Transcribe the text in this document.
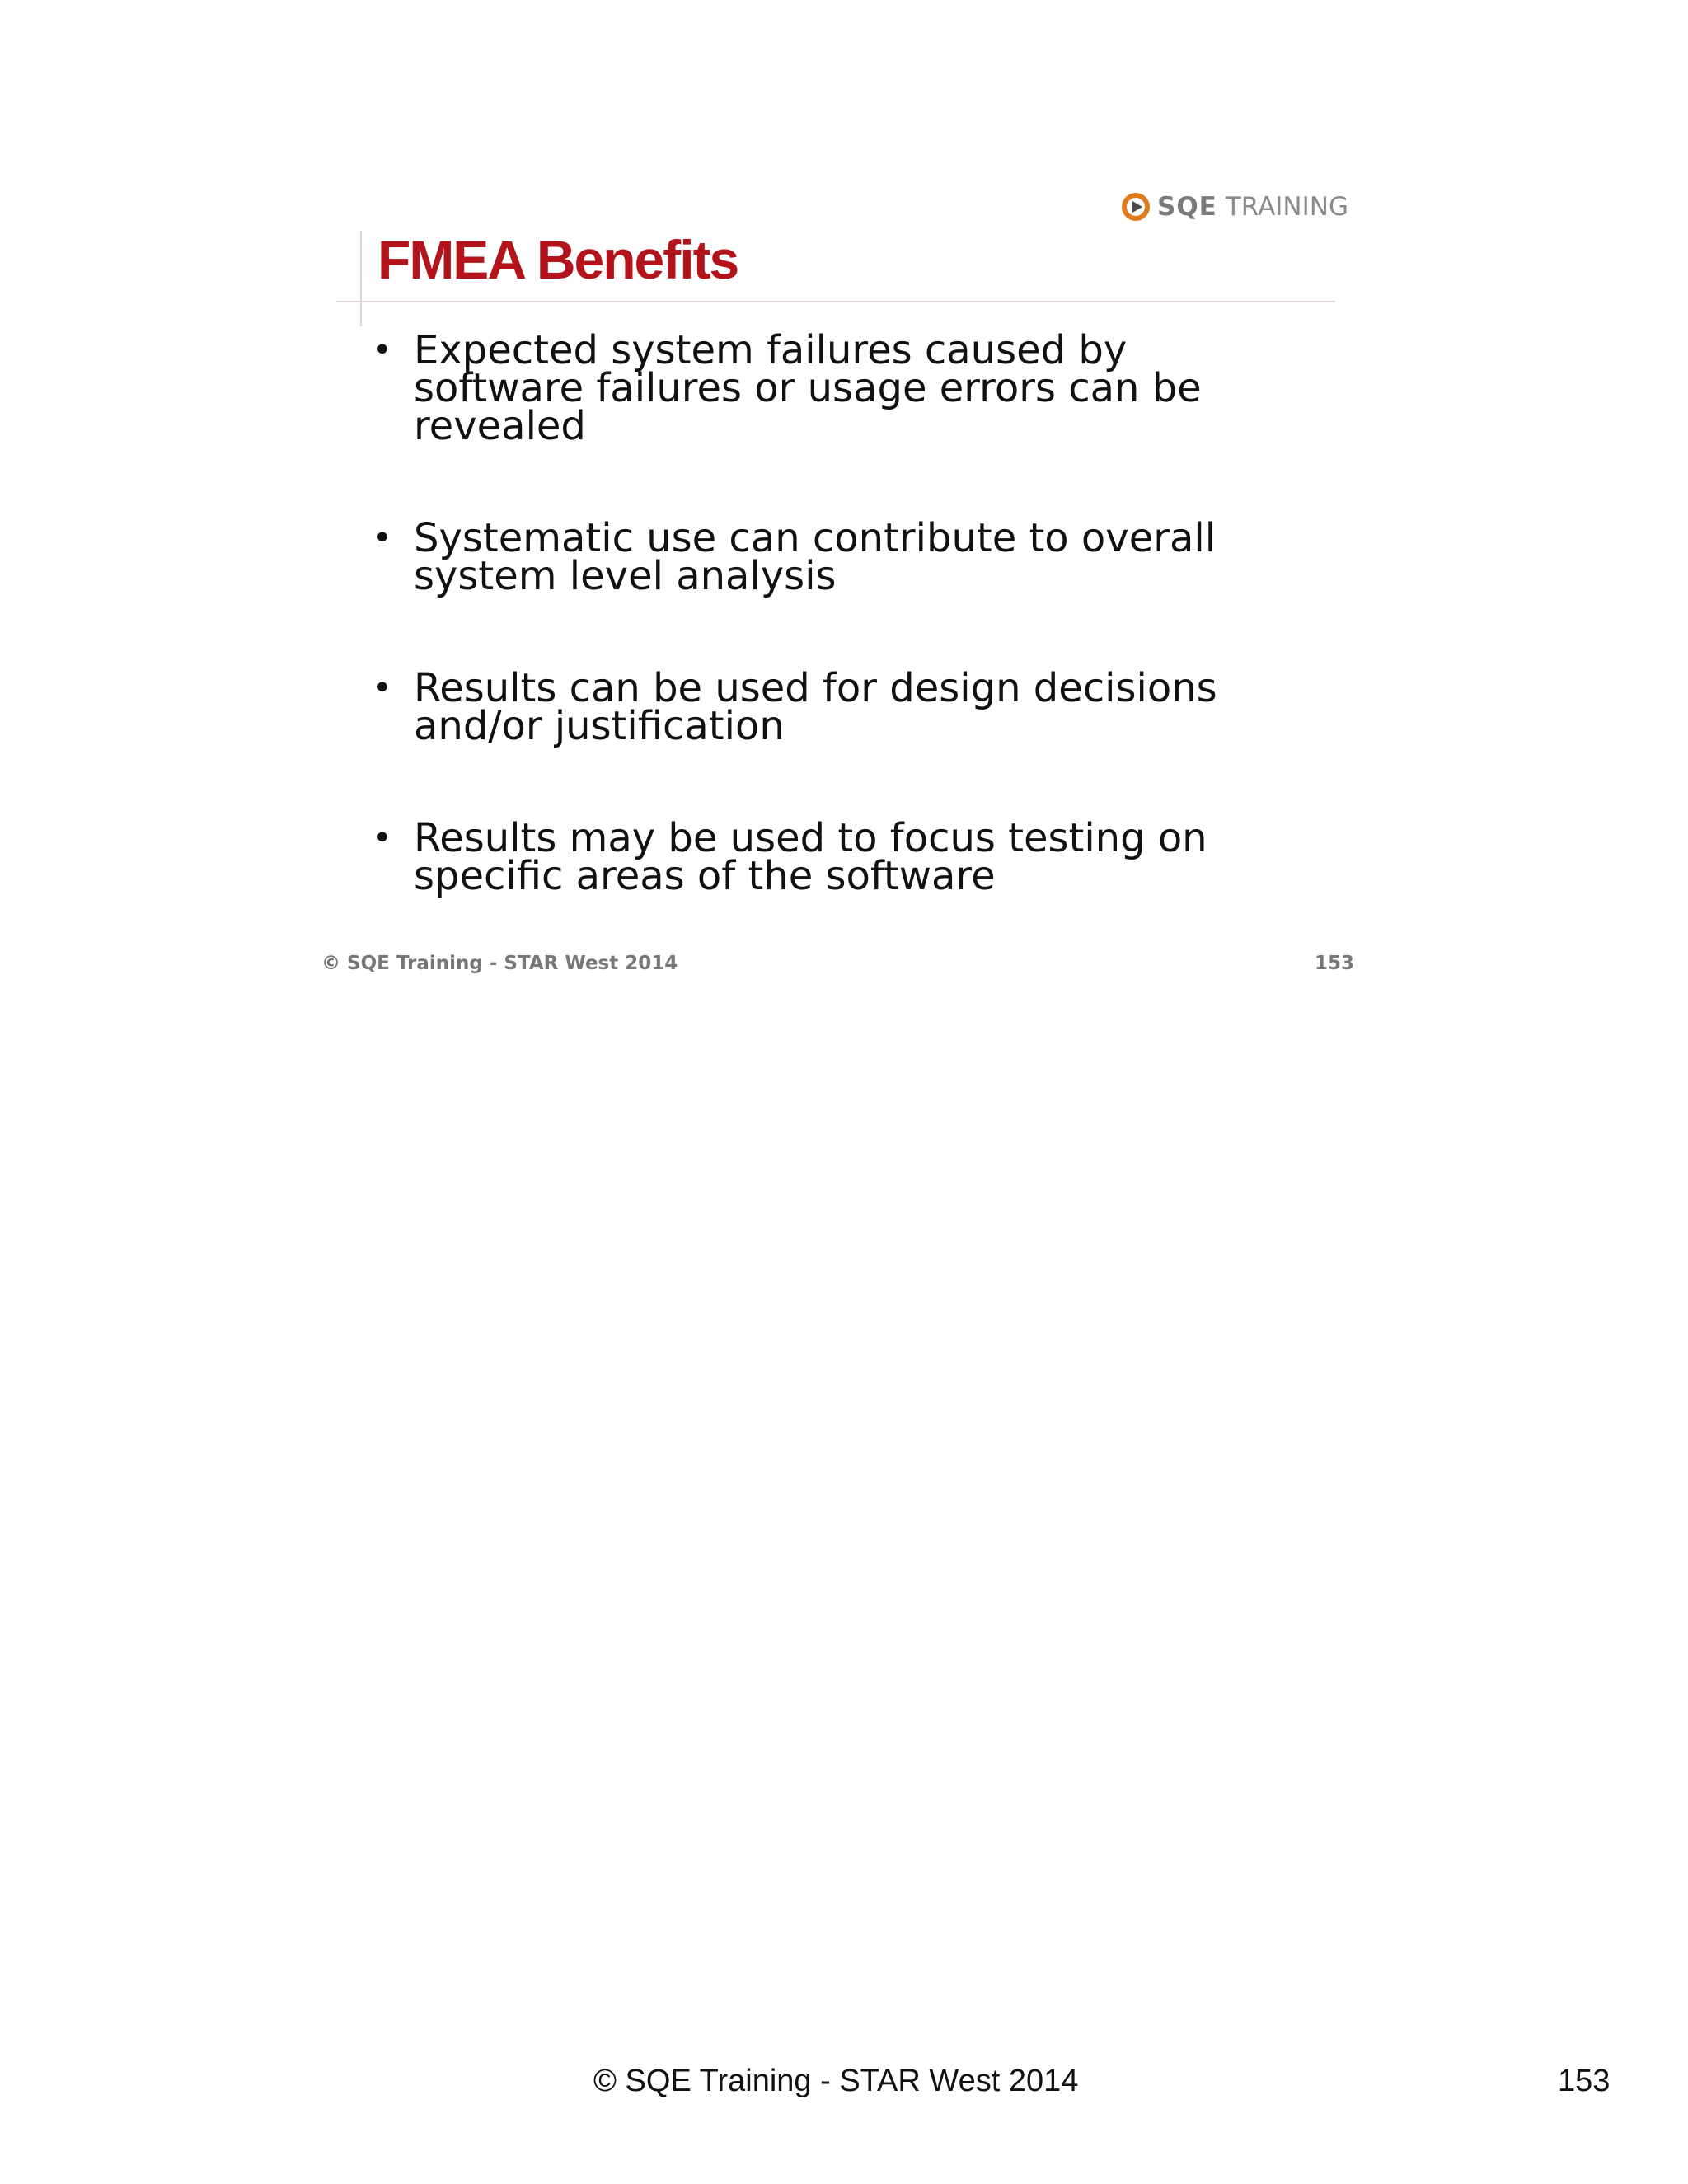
SQE TRAINING
FMEA Benefits
• Expected system failures caused by software failures or usage errors can be revealed
• Systematic use can contribute to overall system level analysis
• Results can be used for design decisions and/or justification
• Results may be used to focus testing on specific areas of the software
© SQE Training - STAR West 2014	153
© SQE Training - STAR West 2014	153
